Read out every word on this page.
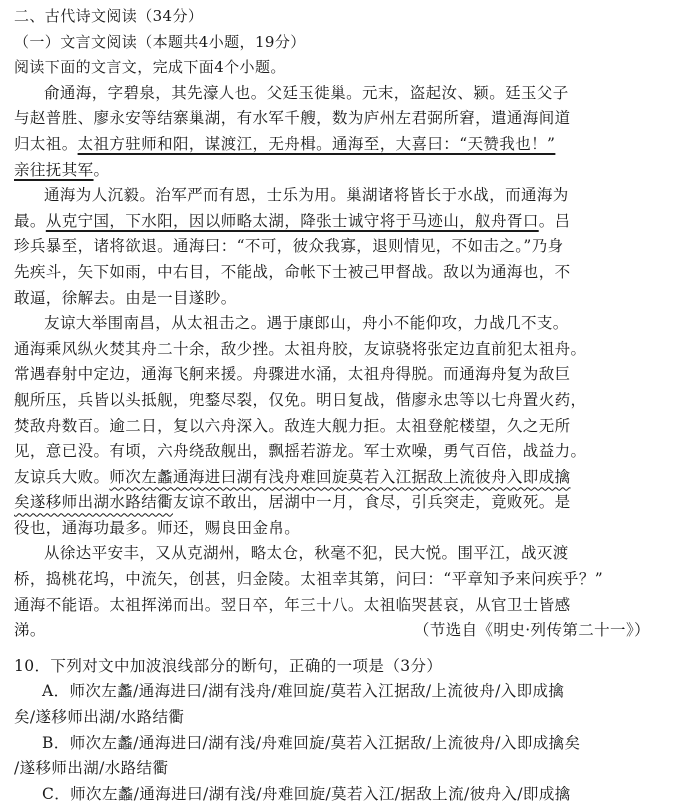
二、古代诗文阅读（34分）
（一）文言文阅读（本题共4小题，19分）
阅读下面的文言文，完成下面4个小题。
俞通海，字碧泉，其先濠人也。父廷玉徙巢。元末，盗起汝、颍。廷玉父子
与赵普胜、廖永安等结寨巢湖，有水军千艘，数为庐州左君弼所窘，遣通海间道
归太祖。太祖方驻师和阳，谋渡江，无舟楫。通海至，大喜曰：“天赞我也！”
亲往抚其军。
通海为人沉毅。治军严而有恩，士乐为用。巢湖诸将皆长于水战，而通海为
最。从克宁国，下水阳，因以师略太湖，降张士诚守将于马迹山，舣舟胥口。吕
珍兵暴至，诸将欲退。通海曰：“不可，彼众我寡，退则情见，不如击之。”乃身
先疾斗，矢下如雨，中右目，不能战，命帐下士被己甲督战。敌以为通海也，不
敢逼，徐解去。由是一目遂眇。
友谅大举围南昌，从太祖击之。遇于康郎山，舟小不能仰攻，力战几不支。
通海乘风纵火焚其舟二十余，敌少挫。太祖舟胶，友谅骁将张定边直前犯太祖舟。
常遇春射中定边，通海飞舸来援。舟骤进水涌，太祖舟得脱。而通海舟复为敌巨
舰所压，兵皆以头抵舰，兜鍪尽裂，仅免。明日复战，偕廖永忠等以七舟置火药，
焚敌舟数百。逾二日，复以六舟深入。敌连大舰力拒。太祖登舵楼望，久之无所
见，意已没。有顷，六舟绕敌舰出，飘摇若游龙。军士欢噪，勇气百倍，战益力。
友谅兵大败。师次左蠡通海进曰湖有浅舟难回旋莫若入江据敌上流彼舟入即成擒
矣遂移师出湖水路结衢友谅不敢出，居湖中一月，食尽，引兵突走，竟败死。是
役也，通海功最多。师还，赐良田金帛。
从徐达平安丰，又从克湖州，略太仓，秋毫不犯，民大悦。围平江，战灭渡
桥，捣桃花坞，中流矢，创甚，归金陵。太祖幸其第，问曰：“平章知予来问疾乎？”
通海不能语。太祖挥涕而出。翌日卒，年三十八。太祖临哭甚哀，从官卫士皆感
涕。	（节选自《明史·列传第二十一》）
10．下列对文中加波浪线部分的断句，正确的一项是（3分）
A．师次左蠡/通海进曰/湖有浅舟/难回旋/莫若入江据敌/上流彼舟/入即成擒
矣/遂移师出湖/水路结衢
B．师次左蠡/通海进曰/湖有浅/舟难回旋/莫若入江据敌/上流彼舟/入即成擒矣
/遂移师出湖/水路结衢
C．师次左蠡/通海进曰/湖有浅/舟难回旋/莫若入江/据敌上流/彼舟入/即成擒
